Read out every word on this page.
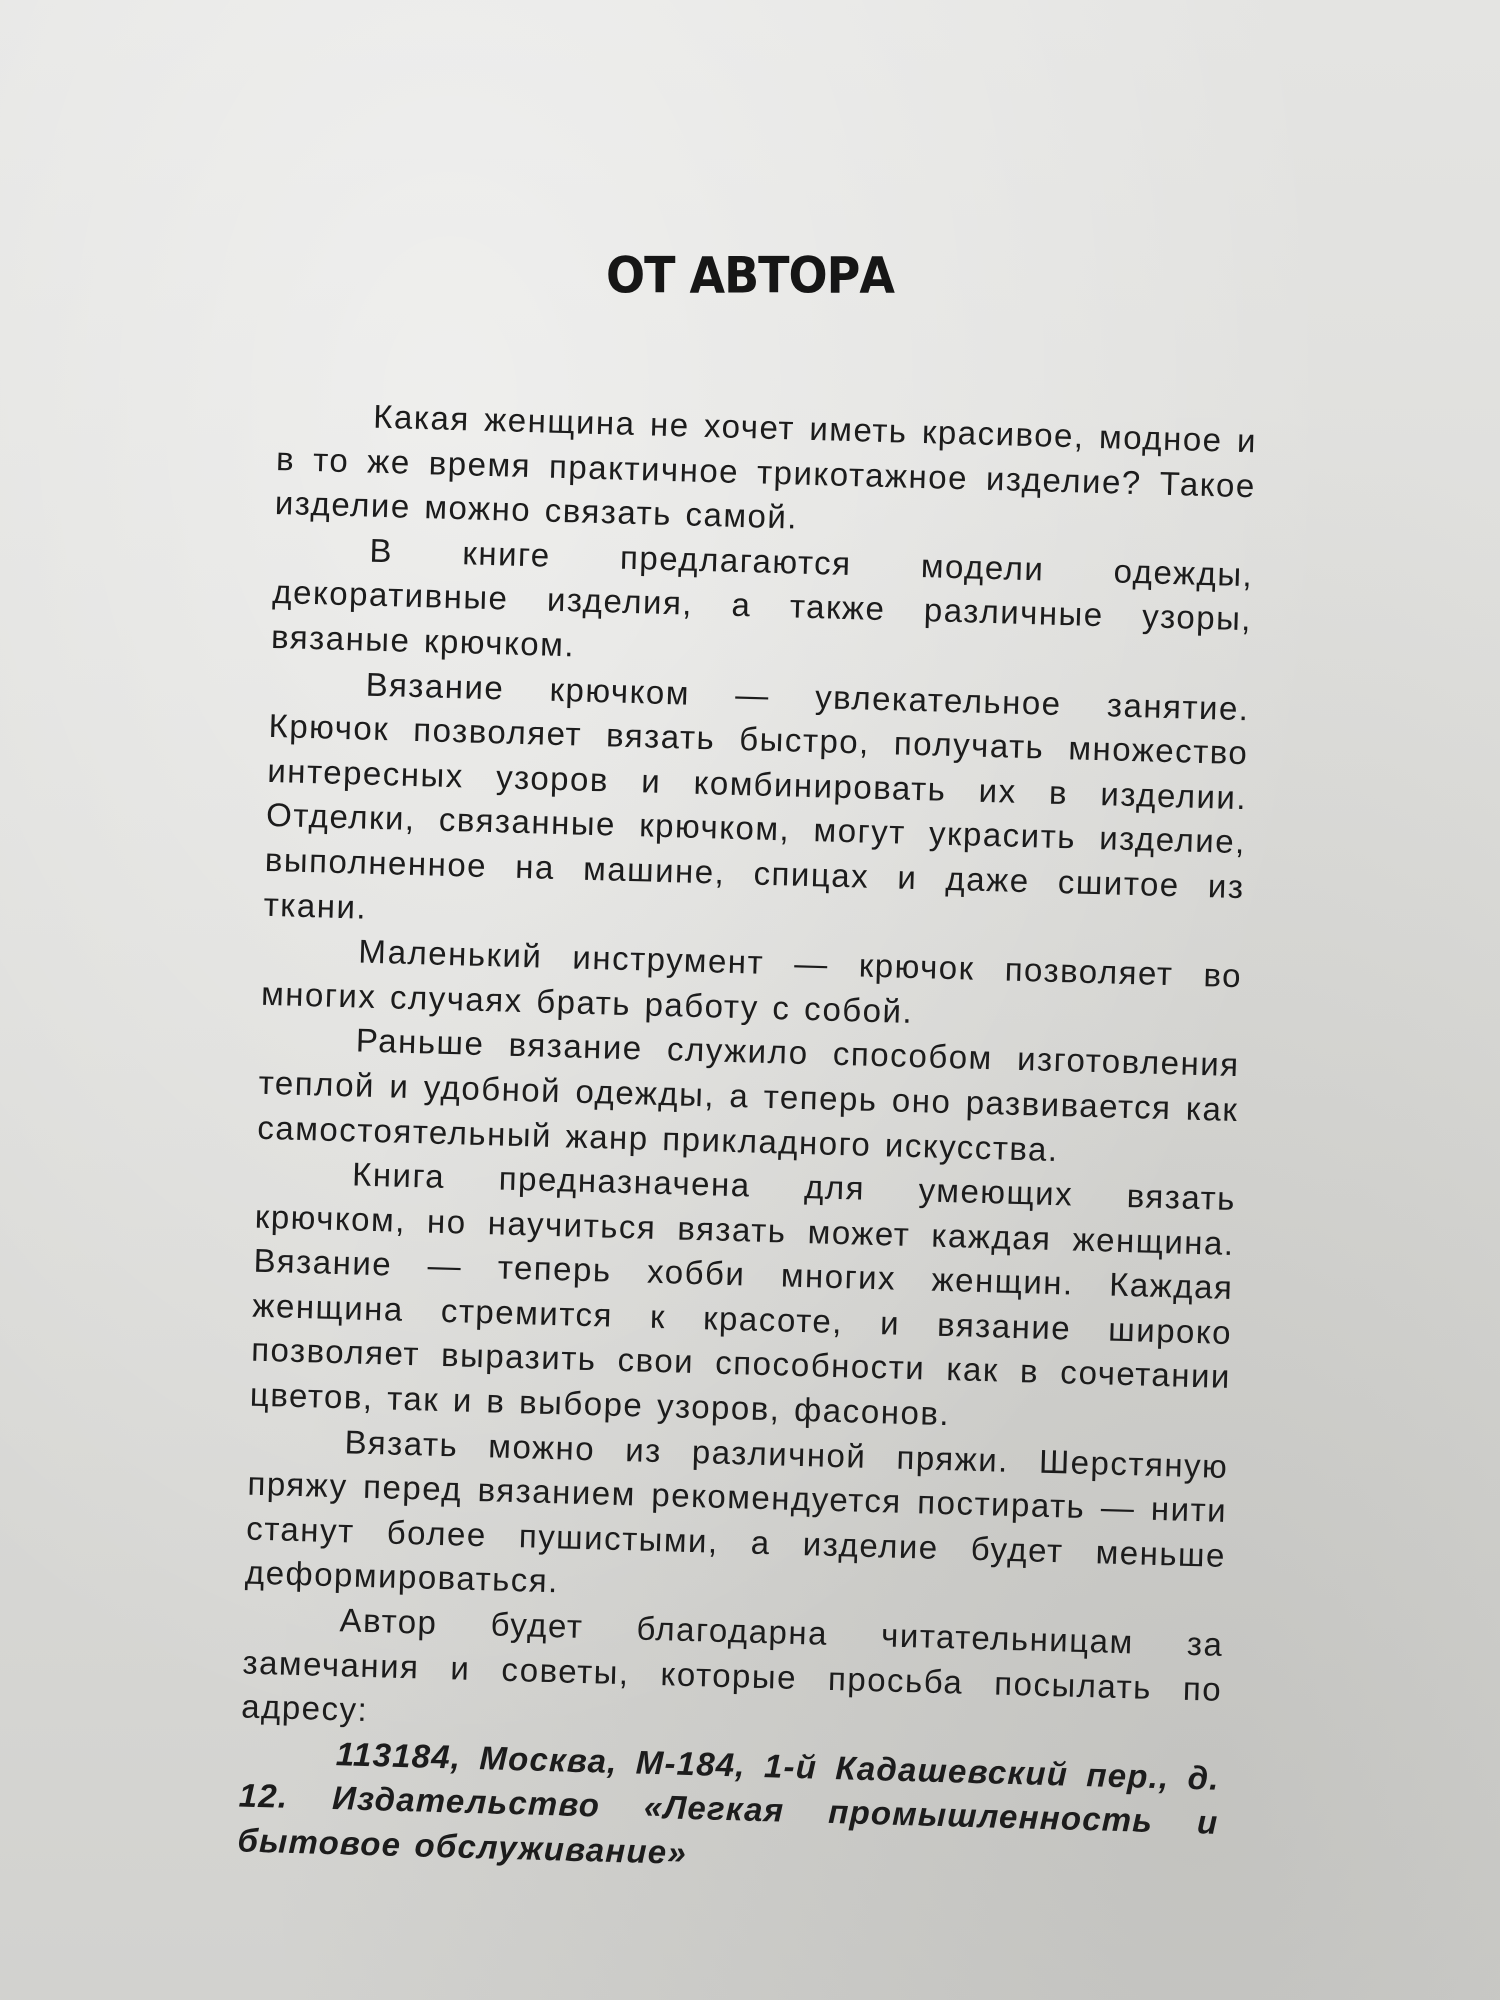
ОТ АВТОРА

Какая женщина не хочет иметь красивое, модное и в то же время практичное трикотажное изделие? Такое изделие можно связать самой.

В книге предлагаются модели одежды, декоративные изделия, а также различные узоры, вязаные крючком.

Вязание крючком — увлекательное занятие. Крючок позволяет вязать быстро, получать множество интересных узоров и комбинировать их в изделии. Отделки, связанные крючком, могут украсить изделие, выполненное на машине, спицах и даже сшитое из ткани.

Маленький инструмент — крючок позволяет во многих случаях брать работу с собой.

Раньше вязание служило способом изготовления теплой и удобной одежды, а теперь оно развивается как самостоятельный жанр прикладного искусства.

Книга предназначена для умеющих вязать крючком, но научиться вязать может каждая женщина. Вязание — теперь хобби многих женщин. Каждая женщина стремится к красоте, и вязание широко позволяет выразить свои способности как в сочетании цветов, так и в выборе узоров, фасонов.

Вязать можно из различной пряжи. Шерстяную пряжу перед вязанием рекомендуется постирать — нити станут более пушистыми, а изделие будет меньше деформироваться.

Автор будет благодарна читательницам за замечания и советы, которые просьба посылать по адресу:

113184, Москва, М-184, 1-й Кадашевский пер., д. 12. Издательство «Легкая промышленность и бытовое обслуживание»
